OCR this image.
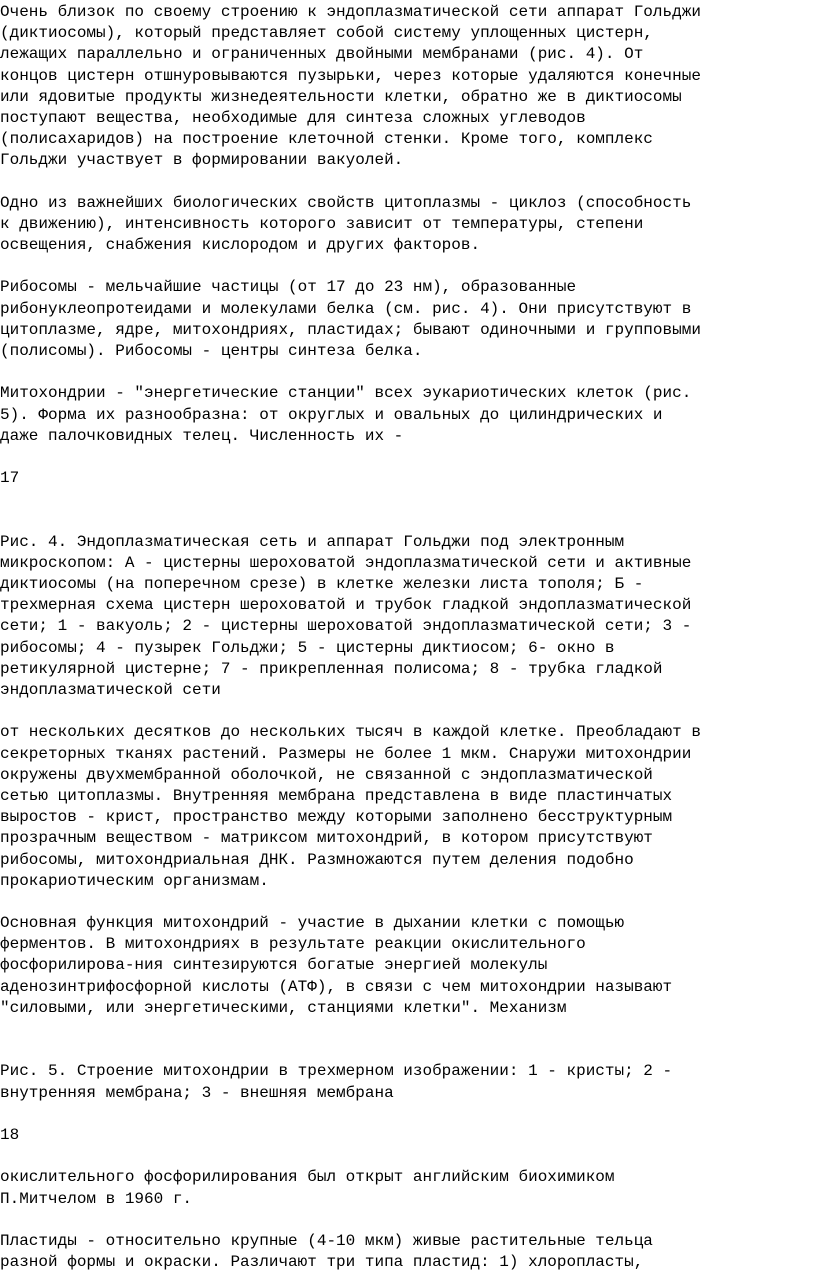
Очень близок по своему строению к эндоплазматической сети аппарат Гольджи
(диктиосомы), который представляет собой систему уплощенных цистерн,
лежащих параллельно и ограниченных двойными мембранами (рис. 4). От
концов цистерн отшнуровываются пузырьки, через которые удаляются конечные
или ядовитые продукты жизнедеятельности клетки, обратно же в диктиосомы
поступают вещества, необходимые для синтеза сложных углеводов
(полисахаридов) на построение клеточной стенки. Кроме того, комплекс
Гольджи участвует в формировании вакуолей.
Одно из важнейших биологических свойств цитоплазмы - циклоз (способность
к движению), интенсивность которого зависит от температуры, степени
освещения, снабжения кислородом и других факторов.
Рибосомы - мельчайшие частицы (от 17 до 23 нм), образованные
рибонуклеопротеидами и молекулами белка (см. рис. 4). Они присутствуют в
цитоплазме, ядре, митохондриях, пластидах; бывают одиночными и групповыми
(полисомы). Рибосомы - центры синтеза белка.
Митохондрии - "энергетические станции" всех эукариотических клеток (рис.
5). Форма их разнообразна: от округлых и овальных до цилиндрических и
даже палочковидных телец. Численность их -
17
Рис. 4. Эндоплазматическая сеть и аппарат Гольджи под электронным
микроскопом: А - цистерны шероховатой эндоплазматической сети и активные
диктиосомы (на поперечном срезе) в клетке железки листа тополя; Б -
трехмерная схема цистерн шероховатой и трубок гладкой эндоплазматической
сети; 1 - вакуоль; 2 - цистерны шероховатой эндоплазматической сети; 3 -
рибосомы; 4 - пузырек Гольджи; 5 - цистерны диктиосом; 6- окно в
ретикулярной цистерне; 7 - прикрепленная полисома; 8 - трубка гладкой
эндоплазматической сети
от нескольких десятков до нескольких тысяч в каждой клетке. Преобладают в
секреторных тканях растений. Размеры не более 1 мкм. Снаружи митохондрии
окружены двухмембранной оболочкой, не связанной с эндоплазматической
сетью цитоплазмы. Внутренняя мембрана представлена в виде пластинчатых
выростов - крист, пространство между которыми заполнено бесструктурным
прозрачным веществом - матриксом митохондрий, в котором присутствуют
рибосомы, митохондриальная ДНК. Размножаются путем деления подобно
прокариотическим организмам.
Основная функция митохондрий - участие в дыхании клетки с помощью
ферментов. В митохондриях в результате реакции окислительного
фосфорилирова-ния синтезируются богатые энергией молекулы
аденозинтрифосфорной кислоты (АТФ), в связи с чем митохондрии называют
"силовыми, или энергетическими, станциями клетки". Механизм
Рис. 5. Строение митохондрии в трехмерном изображении: 1 - кристы; 2 -
внутренняя мембрана; 3 - внешняя мембрана
18
окислительного фосфорилирования был открыт английским биохимиком
П.Митчелом в 1960 г.
Пластиды - относительно крупные (4-10 мкм) живые растительные тельца
разной формы и окраски. Различают три типа пластид: 1) хлоропласты,
